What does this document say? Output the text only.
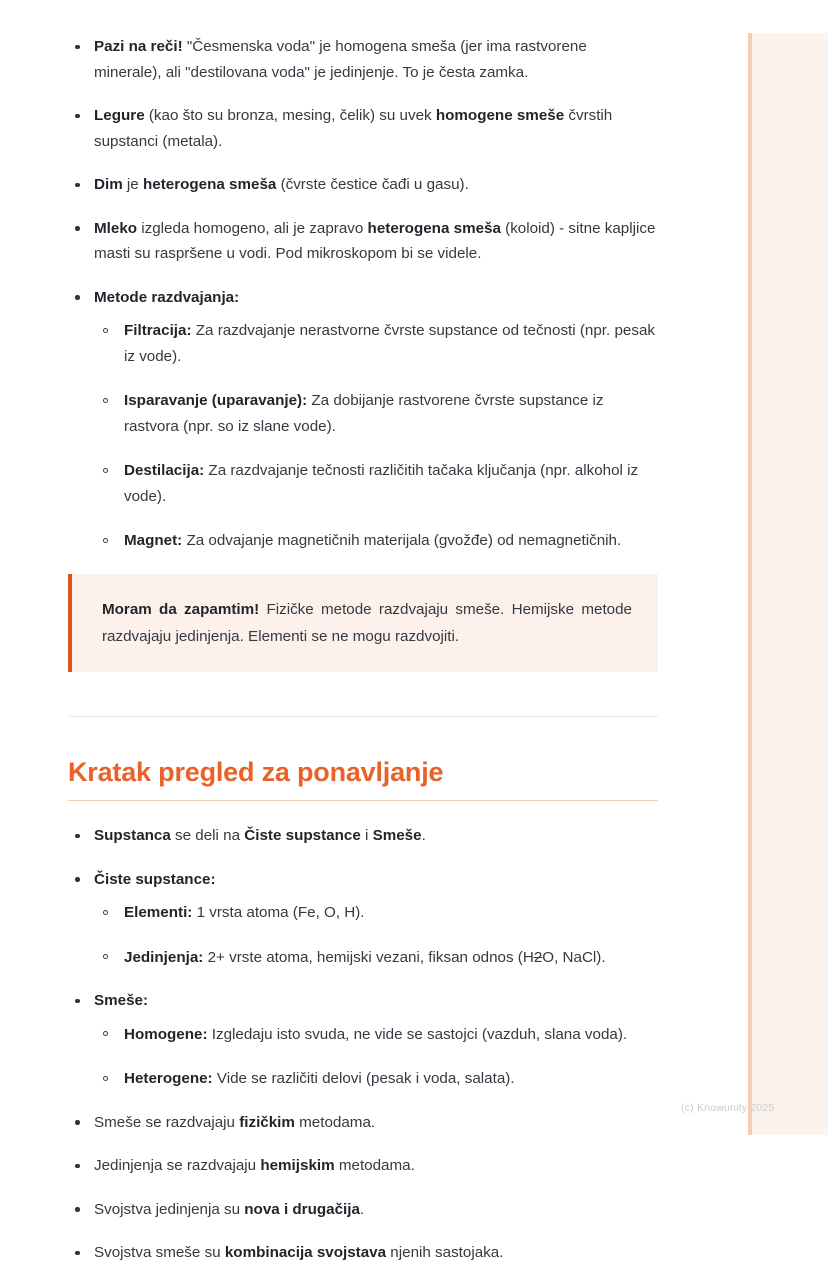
Pazi na reči! "Česmenska voda" je homogena smeša (jer ima rastvorene minerale), ali "destilovana voda" je jedinjenje. To je česta zamka.
Legure (kao što su bronza, mesing, čelik) su uvek homogene smeše čvrstih supstanci (metala).
Dim je heterogena smeša (čvrste čestice čađi u gasu).
Mleko izgleda homogeno, ali je zapravo heterogena smeša (koloid) - sitne kapljice masti su raspršene u vodi. Pod mikroskopom bi se videle.
Metode razdvajanja:
Filtracija: Za razdvajanje nerastvorne čvrste supstance od tečnosti (npr. pesak iz vode).
Isparavanje (uparavanje): Za dobijanje rastvorene čvrste supstance iz rastvora (npr. so iz slane vode).
Destilacija: Za razdvajanje tečnosti različitih tačaka ključanja (npr. alkohol iz vode).
Magnet: Za odvajanje magnetičnih materijala (gvožđe) od nemagnetičnih.
Moram da zapamtim! Fizičke metode razdvajaju smeše. Hemijske metode razdvajaju jedinjenja. Elementi se ne mogu razdvojiti.
Kratak pregled za ponavljanje
Supstanca se deli na Čiste supstance i Smeše.
Čiste supstance:
Elementi: 1 vrsta atoma (Fe, O, H).
Jedinjenja: 2+ vrste atoma, hemijski vezani, fiksan odnos (H2O, NaCl).
Smeše:
Homogene: Izgledaju isto svuda, ne vide se sastojci (vazduh, slana voda).
Heterogene: Vide se različiti delovi (pesak i voda, salata).
Smeše se razdvajaju fizičkim metodama.
Jedinjenja se razdvajaju hemijskim metodama.
Svojstva jedinjenja su nova i drugačija.
Svojstva smeše su kombinacija svojstava njenih sastojaka.
(c) Knowunity 2025
